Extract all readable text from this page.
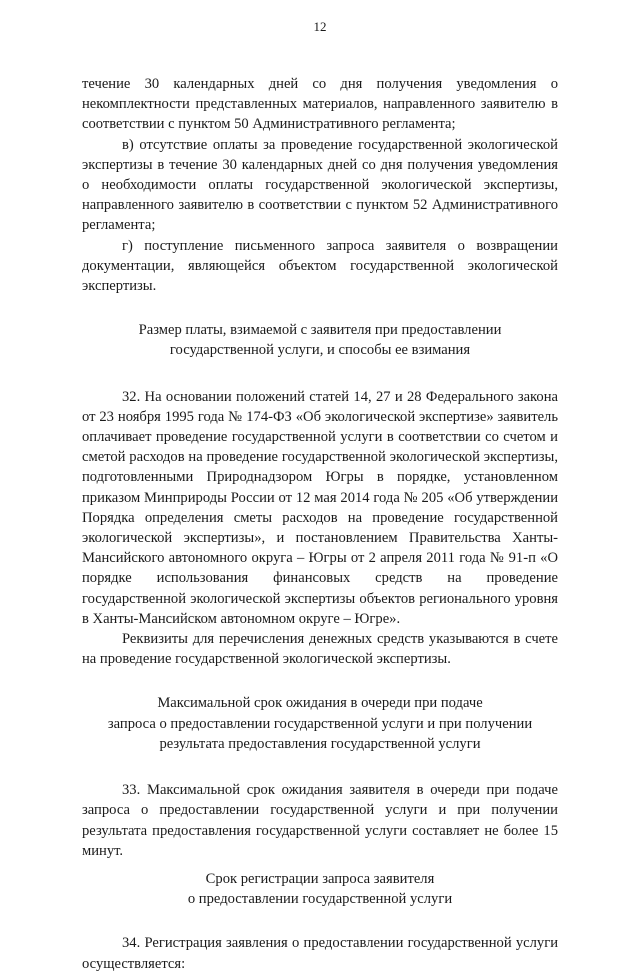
12

течение 30 календарных дней со дня получения уведомления о некомплектности представленных материалов, направленного заявителю в соответствии с пунктом 50 Административного регламента;

в) отсутствие оплаты за проведение государственной экологической экспертизы в течение 30 календарных дней со дня получения уведомления о необходимости оплаты государственной экологической экспертизы, направленного заявителю в соответствии с пунктом 52 Административного регламента;

г) поступление письменного запроса заявителя о возвращении документации, являющейся объектом государственной экологической экспертизы.

Размер платы, взимаемой с заявителя при предоставлении
государственной услуги, и способы ее взимания

32. На основании положений статей 14, 27 и 28 Федерального закона от 23 ноября 1995 года № 174-ФЗ «Об экологической экспертизе» заявитель оплачивает проведение государственной услуги в соответствии со счетом и сметой расходов на проведение государственной экологической экспертизы, подготовленными Природнадзором Югры в порядке, установленном приказом Минприроды России от 12 мая 2014 года № 205 «Об утверждении Порядка определения сметы расходов на проведение государственной экологической экспертизы», и постановлением Правительства Ханты-Мансийского автономного округа – Югры от 2 апреля 2011 года № 91-п «О порядке использования финансовых средств на проведение государственной экологической экспертизы объектов регионального уровня в Ханты-Мансийском автономном округе – Югре».

Реквизиты для перечисления денежных средств указываются в счете на проведение государственной экологической экспертизы.

Максимальной срок ожидания в очереди при подаче
запроса о предоставлении государственной услуги и при получении
результата предоставления государственной услуги

33. Максимальной срок ожидания заявителя в очереди при подаче запроса о предоставлении государственной услуги и при получении результата предоставления государственной услуги составляет не более 15 минут.

Срок регистрации запроса заявителя
о предоставлении государственной услуги

34. Регистрация заявления о предоставлении государственной услуги осуществляется:
